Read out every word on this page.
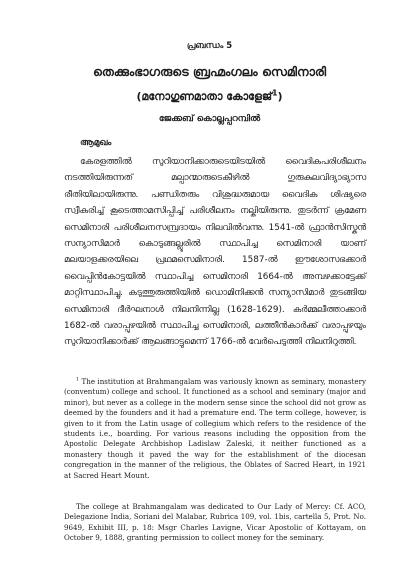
പ്രബന്ധം 5
തെക്കുംഭാഗരുടെ ബ്രഹ്മംഗലം സെമിനാരി
(മനോഗുണമാതാ കോളേജ്$^1$)
ജേക്കബ് കൊല്ലപ്പറമ്പിൽ
ആമുഖം

കേരളത്തിൽ സുറിയാനിക്കാരുടെയിടയിൽ വൈദികപരിശീലനം നടത്തിയിരുന്നത് മല്പാന്മാരുടെകീഴിൽ ഗുരുകുലവിദ്യാഭ്യാസ രീതിയിലായിരുന്നു. പണ്ഡിതരും വിശുദ്ധരുമായ വൈദിക ശിഷ്യരെ സ്വീകരിച്ച് കൂടെത്താമസിപ്പിച്ച് പരിശീലനം നല്കിയിരുന്നു. തുടർന്ന് ക്രമേണ സെമിനാരി പരിശീലനസമ്പ്രദായം നിലവിൽവന്നു. 1541-ൽ ഫ്രാൻസിസ്കൻ സന്യാസിമാർ കൊടുങ്ങല്ലൂരിൽ സ്ഥാപിച്ച സെമിനാരി യാണ് മലയാളക്കരയിലെ പ്രഥമസെമിനാരി. 1587-ൽ ഈശോസഭക്കാർ വൈപ്പിൻകോട്ടയിൽ സ്ഥാപിച്ച സെമിനാരി 1664-ൽ അമ്പഴക്കാട്ടേക്ക് മാറ്റിസ്ഥാപിച്ചു. കടുത്തുരുത്തിയിൽ ഡൊമിനിക്കൻ സന്യാസിമാർ തുടങ്ങിയ സെമിനാരി ദീർഘനാൾ നിലനിന്നില്ല (1628-1629). കർമ്മലീത്താക്കാർ 1682-ൽ വരാപ്പുഴയിൽ സ്ഥാപിച്ച സെമിനാരി, ലത്തീൻകാർക്ക് വരാപ്പുഴയും സുറിയാനിക്കാർക്ക് ആലങ്ങാട്ടുമെന്ന് 1766-ൽ വേർപെടുത്തി നിലനിറുത്തി.

$^1$ The institution at Brahmangalam was variously known as seminary, monastery (conventum) college and school. It functioned as a school and seminary (major and minor), but never as a college in the modern sense since the school did not grow as deemed by the founders and it had a premature end. The term college, however, is given to it from the Latin usage of collegium which refers to the residence of the students i.e., boarding. For various reasons including the opposition from the Apostolic Delegate Archbishop Ladislaw Zaleski, it neither functioned as a monastery though it paved the way for the establishment of the diocesan congregation in the manner of the religious, the Oblates of Sacred Heart, in 1921 at Sacred Heart Mount.

The college at Brahmangalam was dedicated to Our Lady of Mercy: Cf. ACO, Delegazione India, Soriani del Malabar, Rubrica 109, vol. 1bis, cartella 5, Prot. No. 9649, Exhibit III, p. 18: Msgr Charles Lavigne, Vicar Apostolic of Kottayam, on October 9, 1888, granting permission to collect money for the seminary.
